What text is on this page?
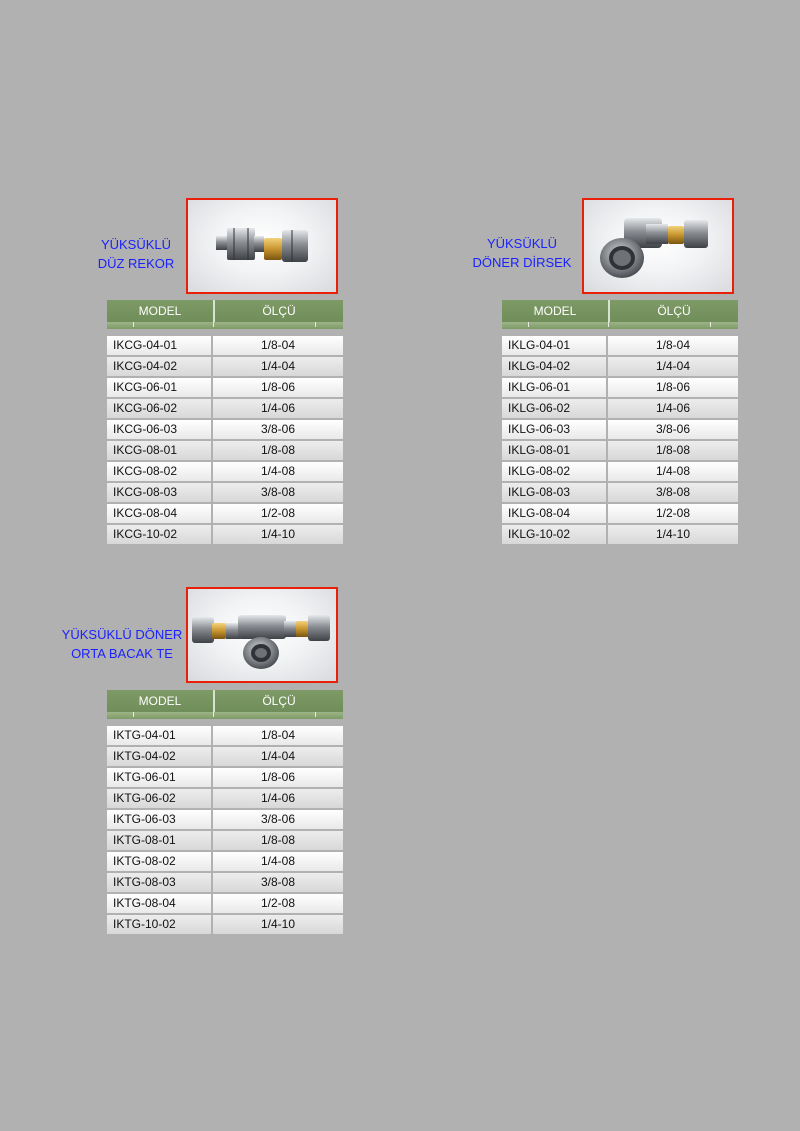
YÜKSÜKLÜ
DÜZ REKOR
MODEL	ÖLÇÜ
IKCG-04-01	1/8-04
IKCG-04-02	1/4-04
IKCG-06-01	1/8-06
IKCG-06-02	1/4-06
IKCG-06-03	3/8-06
IKCG-08-01	1/8-08
IKCG-08-02	1/4-08
IKCG-08-03	3/8-08
IKCG-08-04	1/2-08
IKCG-10-02	1/4-10
YÜKSÜKLÜ
DÖNER DİRSEK
MODEL	ÖLÇÜ
IKLG-04-01	1/8-04
IKLG-04-02	1/4-04
IKLG-06-01	1/8-06
IKLG-06-02	1/4-06
IKLG-06-03	3/8-06
IKLG-08-01	1/8-08
IKLG-08-02	1/4-08
IKLG-08-03	3/8-08
IKLG-08-04	1/2-08
IKLG-10-02	1/4-10
YÜKSÜKLÜ DÖNER
ORTA BACAK TE
MODEL	ÖLÇÜ
IKTG-04-01	1/8-04
IKTG-04-02	1/4-04
IKTG-06-01	1/8-06
IKTG-06-02	1/4-06
IKTG-06-03	3/8-06
IKTG-08-01	1/8-08
IKTG-08-02	1/4-08
IKTG-08-03	3/8-08
IKTG-08-04	1/2-08
IKTG-10-02	1/4-10
